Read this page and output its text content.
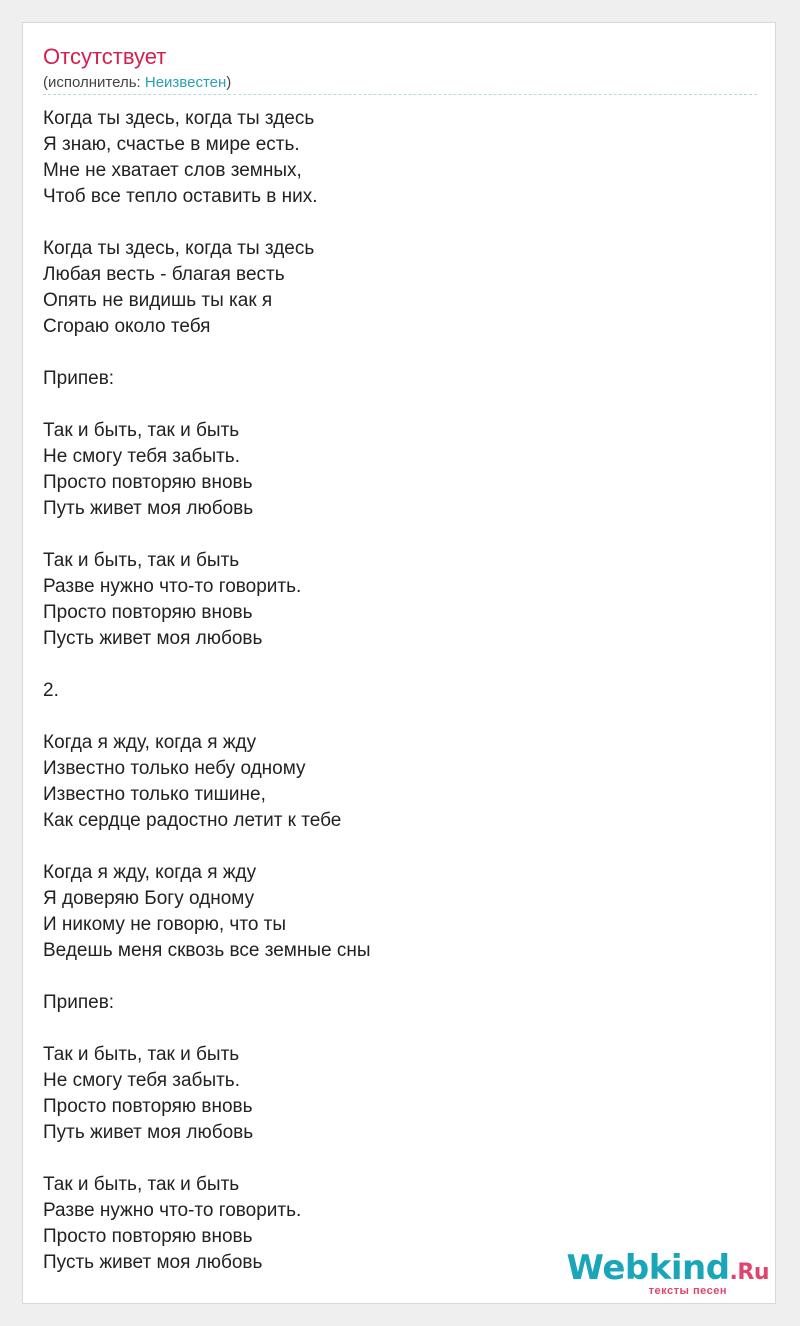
Отсутствует
(исполнитель: Неизвестен)
Когда ты здесь, когда ты здесь
Я знаю, счастье в мире есть.
Мне не хватает слов земных,
Чтоб все тепло оставить в них.
Когда ты здесь, когда ты здесь
Любая весть - благая весть
Опять не видишь ты как я
Сгораю около тебя
Припев:
Так и быть, так и быть
Не смогу тебя забыть.
Просто повторяю вновь
Путь живет моя любовь
Так и быть, так и быть
Разве нужно что-то говорить.
Просто повторяю вновь
Пусть живет моя любовь
2.
Когда я жду, когда я жду
Известно только небу одному
Известно только тишине,
Как сердце радостно летит к тебе
Когда я жду, когда я жду
Я доверяю Богу одному
И никому не говорю, что ты
Ведешь меня сквозь все земные сны
Припев:
Так и быть, так и быть
Не смогу тебя забыть.
Просто повторяю вновь
Путь живет моя любовь
Так и быть, так и быть
Разве нужно что-то говорить.
Просто повторяю вновь
Пусть живет моя любовь	Webkind.Ru
тексты песен
